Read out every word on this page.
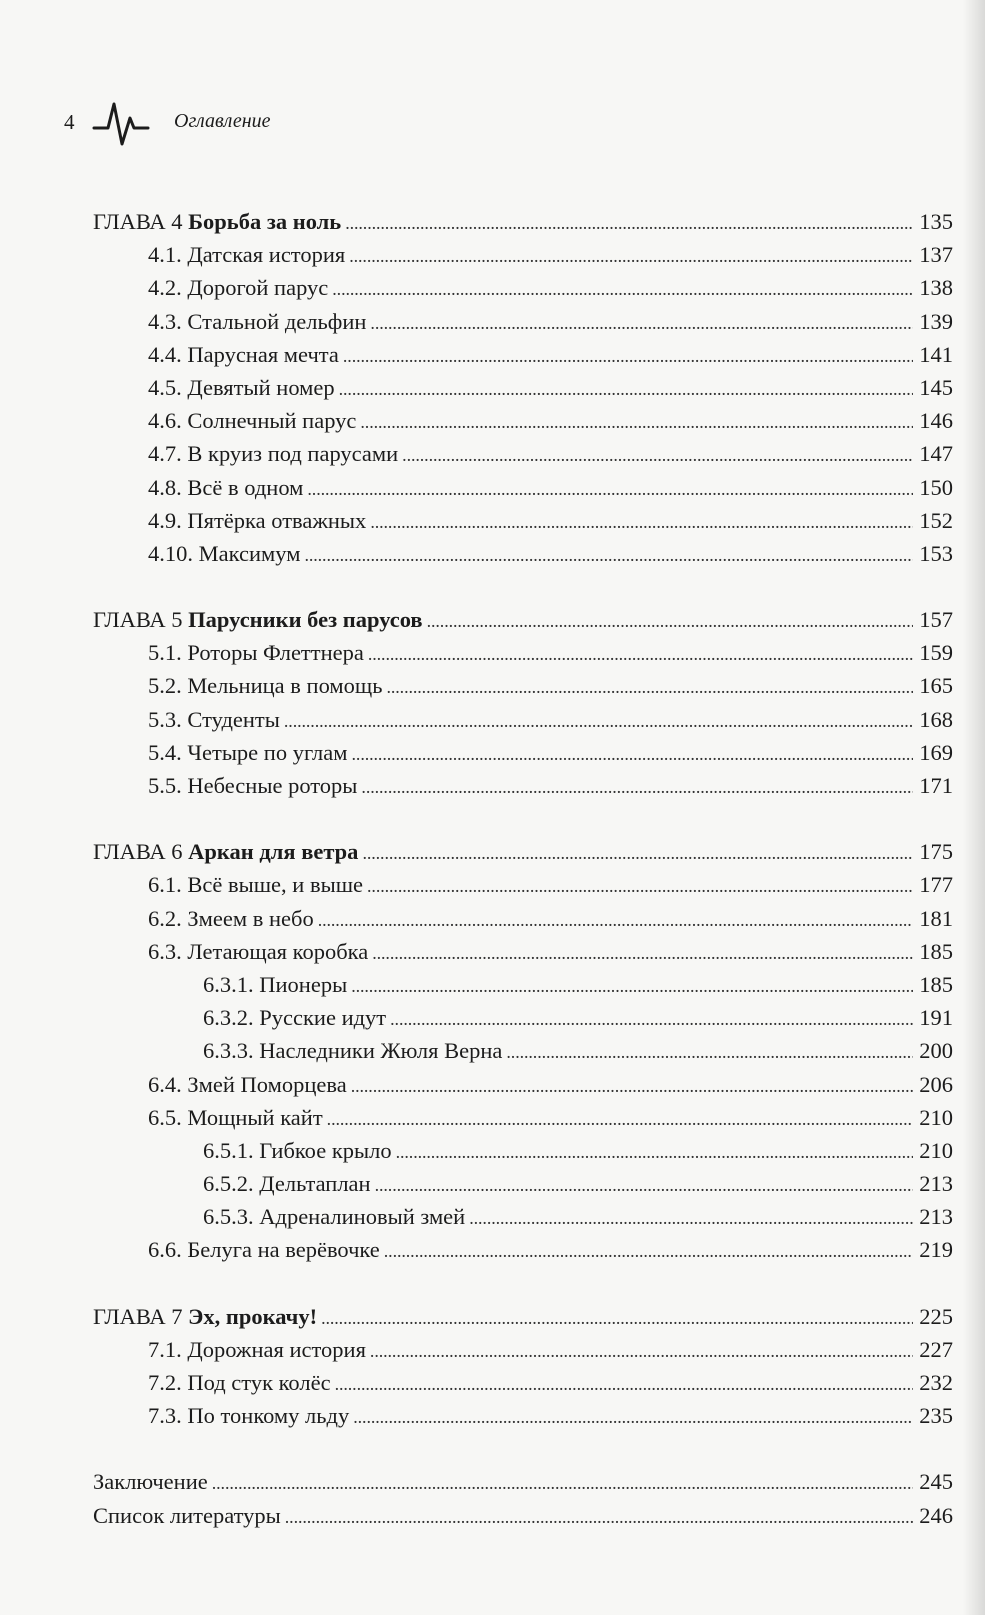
4	Оглавление
ГЛАВА 4 Борьба за ноль . . .	135
4.1. Датская история . . .	137
4.2. Дорогой парус . . .	138
4.3. Стальной дельфин . . .	139
4.4. Парусная мечта . . .	141
4.5. Девятый номер . . .	145
4.6. Солнечный парус . . .	146
4.7. В круиз под парусами . . .	147
4.8. Всё в одном . . .	150
4.9. Пятёрка отважных . . .	152
4.10. Максимум . . .	153
ГЛАВА 5 Парусники без парусов . . .	157
5.1. Роторы Флеттнера . . .	159
5.2. Мельница в помощь . . .	165
5.3. Студенты . . .	168
5.4. Четыре по углам . . .	169
5.5. Небесные роторы . . .	171
ГЛАВА 6 Аркан для ветра . . .	175
6.1. Всё выше, и выше . . .	177
6.2. Змеем в небо . . .	181
6.3. Летающая коробка . . .	185
6.3.1. Пионеры . . .	185
6.3.2. Русские идут . . .	191
6.3.3. Наследники Жюля Верна . . .	200
6.4. Змей Поморцева . . .	206
6.5. Мощный кайт . . .	210
6.5.1. Гибкое крыло . . .	210
6.5.2. Дельтаплан . . .	213
6.5.3. Адреналиновый змей . . .	213
6.6. Белуга на верёвочке . . .	219
ГЛАВА 7 Эх, прокачу! . . .	225
7.1. Дорожная история . . .	227
7.2. Под стук колёс . . .	232
7.3. По тонкому льду . . .	235
Заключение . . .	245
Список литературы . . .	246
